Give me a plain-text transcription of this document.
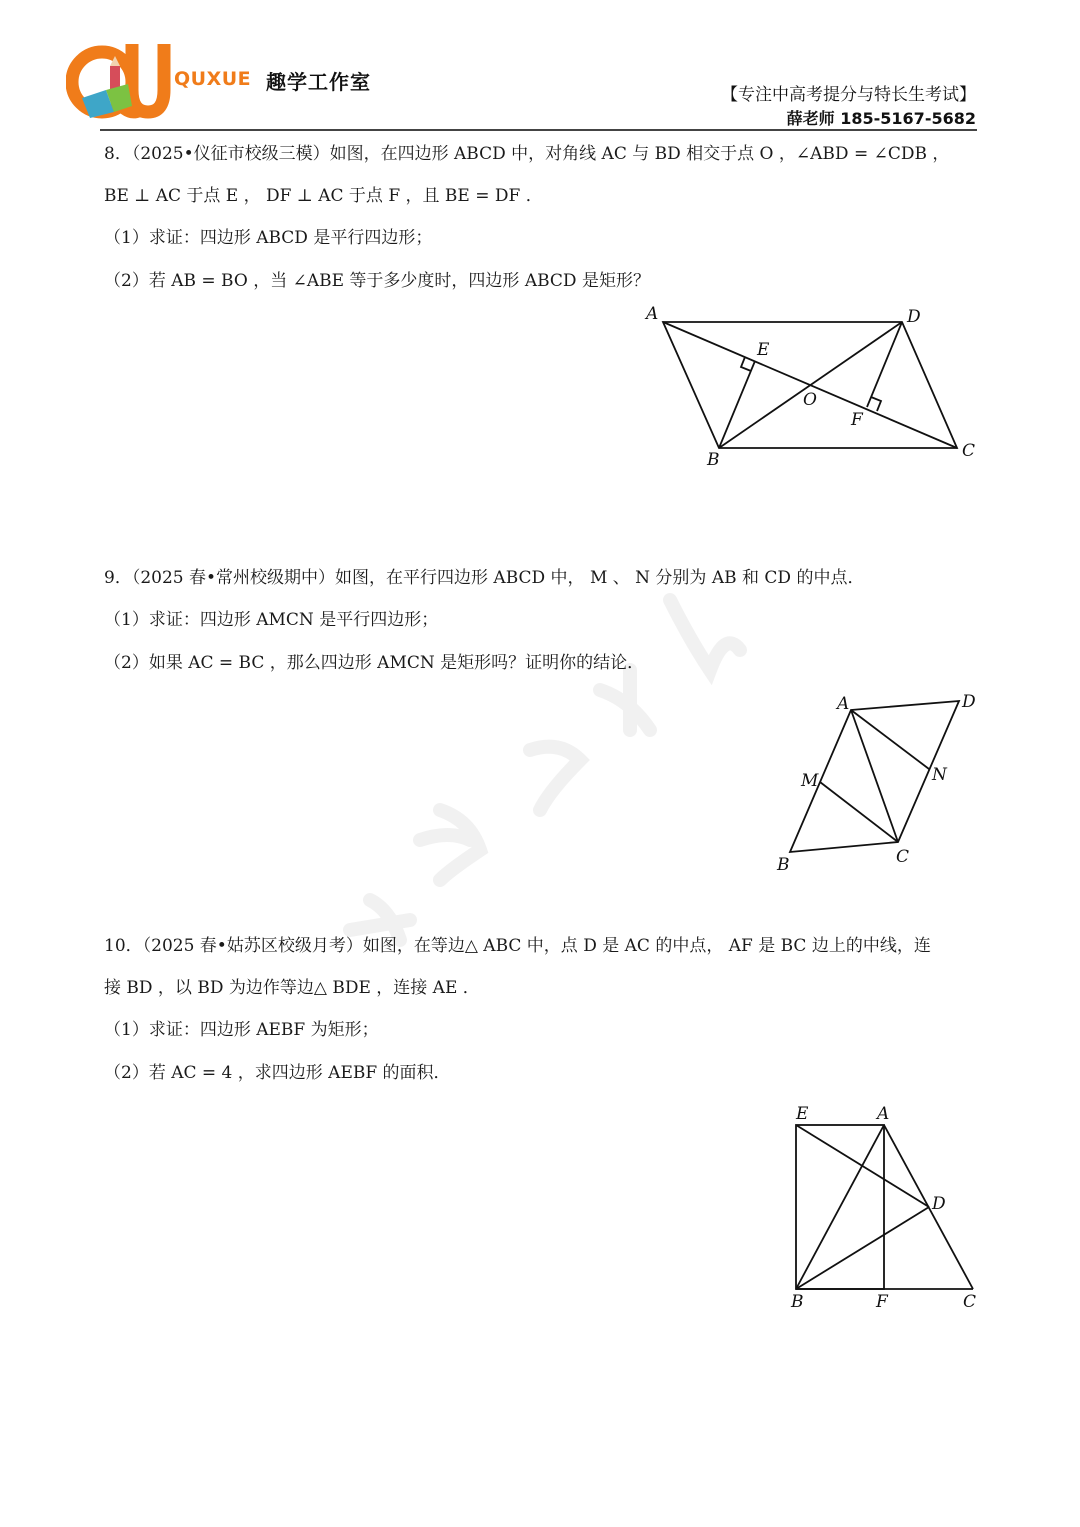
QUXUE 趣学工作室
【专注中高考提分与特长生考试】
薛老师 185-5167-5682
8．（2025•仪征市校级三模）如图，在四边形 ABCD 中，对角线 AC 与 BD 相交于点 O ，∠ABD = ∠CDB ，
BE ⊥ AC 于点 E ， DF ⊥ AC 于点 F ，且 BE = DF ．
（1）求证：四边形 ABCD 是平行四边形；
（2）若 AB = BO ，当 ∠ABE 等于多少度时，四边形 ABCD 是矩形？
A	D
E
O
F
B	C
9．（2025 春•常州校级期中）如图，在平行四边形 ABCD 中， M 、 N 分别为 AB 和 CD 的中点．
（1）求证：四边形 AMCN 是平行四边形；
（2）如果 AC = BC ，那么四边形 AMCN 是矩形吗？证明你的结论．
A	D
M	N
B	C
10．（2025 春•姑苏区校级月考）如图，在等边△ ABC 中，点 D 是 AC 的中点， AF 是 BC 边上的中线，连
接 BD ，以 BD 为边作等边△ BDE ，连接 AE ．
（1）求证：四边形 AEBF 为矩形；
（2）若 AC = 4 ，求四边形 AEBF 的面积．
E	A
D
B	F	C
